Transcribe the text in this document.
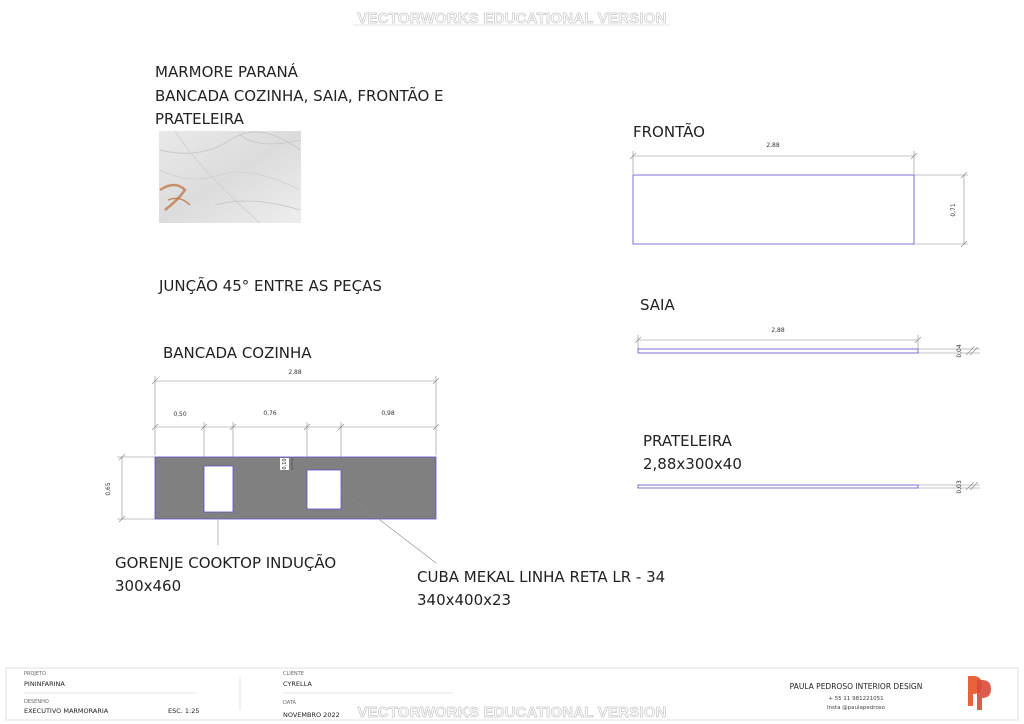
VECTORWORKS EDUCATIONAL VERSION
MARMORE PARANÁ
BANCADA COZINHA, SAIA, FRONTÃO E
PRATELEIRA
JUNÇÃO 45° ENTRE AS PEÇAS
BANCADA COZINHA
2,88
0,50	0,76	0,98
0,65
0,10
GORENJE COOKTOP INDUÇÃO
300x460	CUBA MEKAL LINHA RETA LR - 34
340x400x23
FRONTÃO
2,88
0,71
SAIA
2,88
0,04
PRATELEIRA
2,88x300x40
0,03
PROJETO
PININFARINA
DESENHO
EXECUTIVO MARMORARIA	ESC. 1:25
CLIENTE
CYRELLA
DATA
NOVEMBRO 2022 VECTORWORKS EDUCATIONAL VERSION
PAULA PEDROSO INTERIOR DESIGN
+ 55 11 981221051
Insta @paulapedroso
